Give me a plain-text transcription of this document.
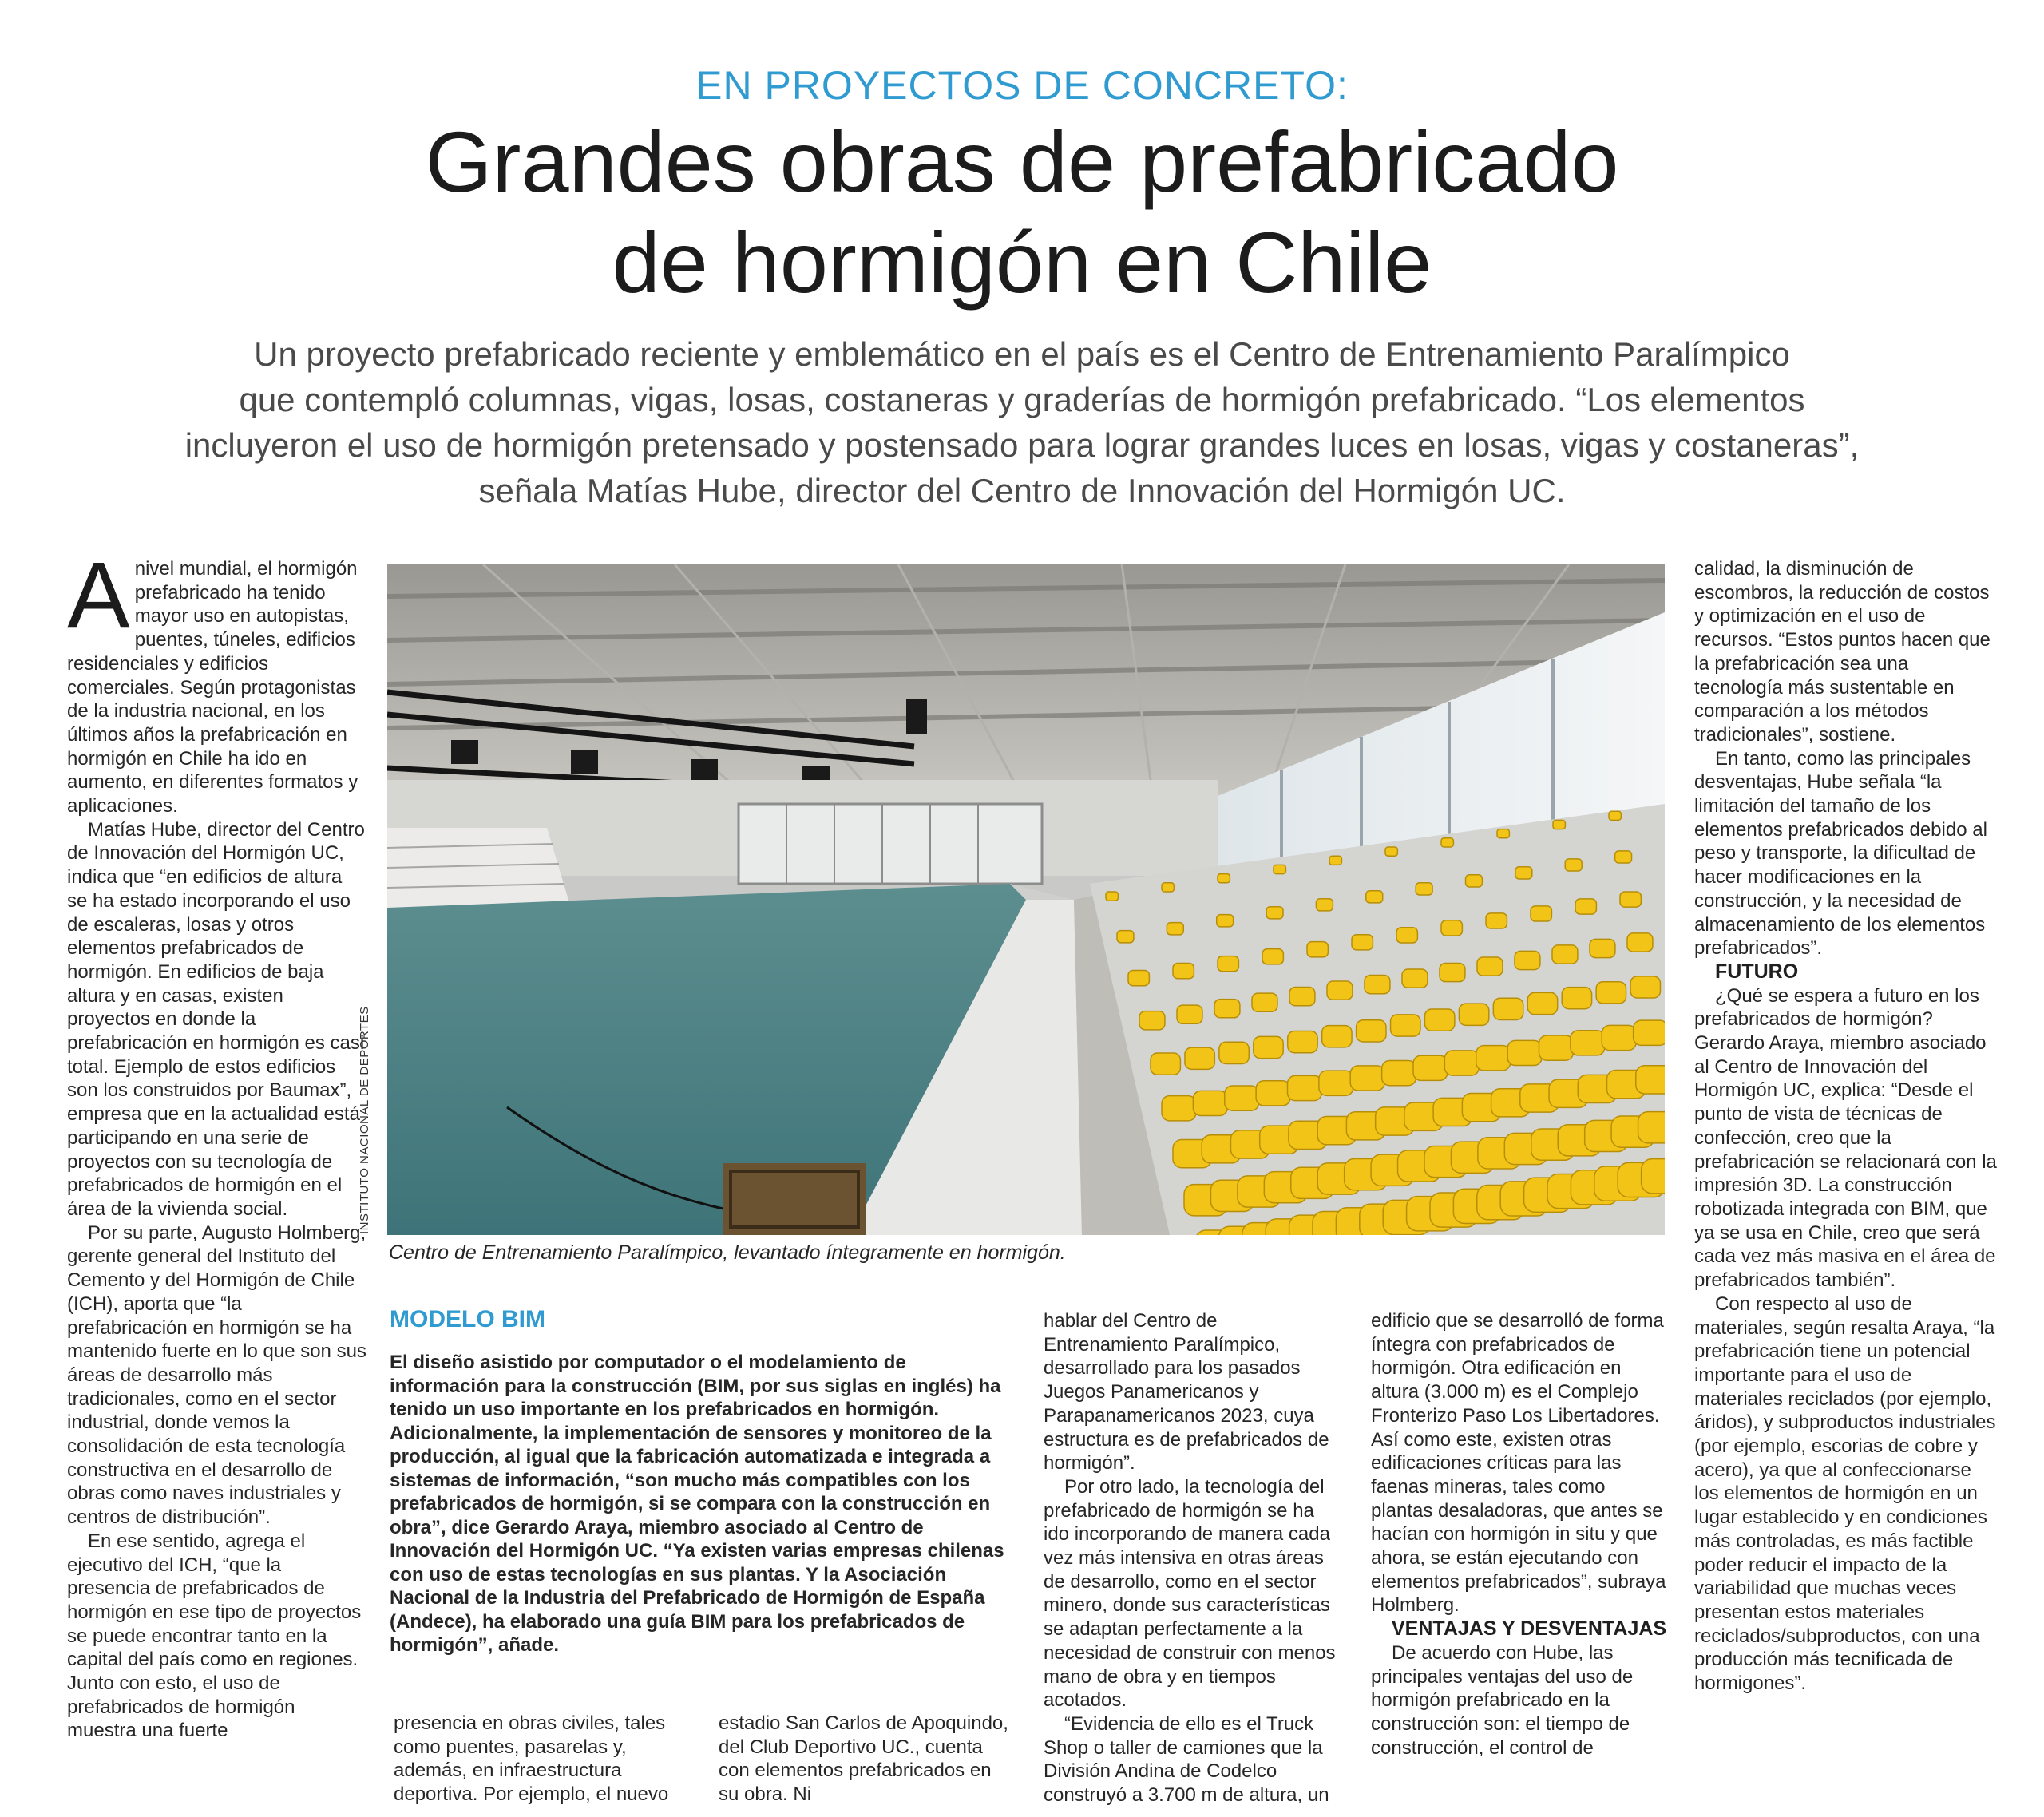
EN PROYECTOS DE CONCRETO:
Grandes obras de prefabricado
de hormigón en Chile
Un proyecto prefabricado reciente y emblemático en el país es el Centro de Entrenamiento Paralímpico
que contempló columnas, vigas, losas, costaneras y graderías de hormigón prefabricado. “Los elementos
incluyeron el uso de hormigón pretensado y postensado para lograr grandes luces en losas, vigas y costaneras”,
señala Matías Hube, director del Centro de Innovación del Hormigón UC.

Anivel mundial, el hormigón prefabricado ha tenido mayor uso en autopistas, puentes, túneles, edificios residenciales y edificios comerciales. Según protagonistas de la industria nacional, en los últimos años la prefabricación en hormigón en Chile ha ido en aumento, en diferentes formatos y aplicaciones.

Matías Hube, director del Centro de Innovación del Hormigón UC, indica que “en edificios de altura se ha estado incorporando el uso de escaleras, losas y otros elementos prefabricados de hormigón. En edificios de baja altura y en casas, existen proyectos en donde la prefabricación en hormigón es casi total. Ejemplo de estos edificios son los construidos por Baumax”, empresa que en la actualidad está participando en una serie de proyectos con su tecnología de prefabricados de hormigón en el área de la vivienda social.

Por su parte, Augusto Holmberg, gerente general del Instituto del Cemento y del Hormigón de Chile (ICH), aporta que “la prefabricación en hormigón se ha mantenido fuerte en lo que son sus áreas de desarrollo más tradicionales, como en el sector industrial, donde vemos la consolidación de esta tecnología constructiva en el desarrollo de obras como naves industriales y centros de distribución”.

En ese sentido, agrega el ejecutivo del ICH, “que la presencia de prefabricados de hormigón en ese tipo de proyectos se puede encontrar tanto en la capital del país como en regiones. Junto con esto, el uso de prefabricados de hormigón muestra una fuerte

INSTITUTO NACIONAL DE DEPORTES
Centro de Entrenamiento Paralímpico, levantado íntegramente en hormigón.
MODELO BIM
El diseño asistido por computador o el modelamiento de información para la construcción (BIM, por sus siglas en inglés) ha tenido un uso importante en los prefabricados en hormigón. Adicionalmente, la implementación de sensores y monitoreo de la producción, al igual que la fabricación automatizada e integrada a sistemas de información, “son mucho más compatibles con los prefabricados de hormigón, si se compara con la construcción en obra”, dice Gerardo Araya, miembro asociado al Centro de Innovación del Hormigón UC. “Ya existen varias empresas chilenas con uso de estas tecnologías en sus plantas. Y la Asociación Nacional de la Industria del Prefabricado de Hormigón de España (Andece), ha elaborado una guía BIM para los prefabricados de hormigón”, añade.

presencia en obras civiles, tales como puentes, pasarelas y, además, en infraestructura deportiva. Por ejemplo, el nuevo

estadio San Carlos de Apoquindo, del Club Deportivo UC., cuenta con elementos prefabricados en su obra. Ni

hablar del Centro de Entrenamiento Paralímpico, desarrollado para los pasados Juegos Panamericanos y Parapanamericanos 2023, cuya estructura es de prefabricados de hormigón”.

Por otro lado, la tecnología del prefabricado de hormigón se ha ido incorporando de manera cada vez más intensiva en otras áreas de desarrollo, como en el sector minero, donde sus características se adaptan perfectamente a la necesidad de construir con menos mano de obra y en tiempos acotados.

“Evidencia de ello es el Truck Shop o taller de camiones que la División Andina de Codelco construyó a 3.700 m de altura, un

edificio que se desarrolló de forma íntegra con prefabricados de hormigón. Otra edificación en altura (3.000 m) es el Complejo Fronterizo Paso Los Libertadores. Así como este, existen otras edificaciones críticas para las faenas mineras, tales como plantas desaladoras, que antes se hacían con hormigón in situ y que ahora, se están ejecutando con elementos prefabricados”, subraya Holmberg.

VENTAJAS Y DESVENTAJAS

De acuerdo con Hube, las principales ventajas del uso de hormigón prefabricado en la construcción son: el tiempo de construcción, el control de

calidad, la disminución de escombros, la reducción de costos y optimización en el uso de recursos. “Estos puntos hacen que la prefabricación sea una tecnología más sustentable en comparación a los métodos tradicionales”, sostiene.

En tanto, como las principales desventajas, Hube señala “la limitación del tamaño de los elementos prefabricados debido al peso y transporte, la dificultad de hacer modificaciones en la construcción, y la necesidad de almacenamiento de los elementos prefabricados”.

FUTURO

¿Qué se espera a futuro en los prefabricados de hormigón? Gerardo Araya, miembro asociado al Centro de Innovación del Hormigón UC, explica: “Desde el punto de vista de técnicas de confección, creo que la prefabricación se relacionará con la impresión 3D. La construcción robotizada integrada con BIM, que ya se usa en Chile, creo que será cada vez más masiva en el área de prefabricados también”.

Con respecto al uso de materiales, según resalta Araya, “la prefabricación tiene un potencial importante para el uso de materiales reciclados (por ejemplo, áridos), y subproductos industriales (por ejemplo, escorias de cobre y acero), ya que al confeccionarse los elementos de hormigón en un lugar establecido y en condiciones más controladas, es más factible poder reducir el impacto de la variabilidad que muchas veces presentan estos materiales reciclados/subproductos, con una producción más tecnificada de hormigones”.
